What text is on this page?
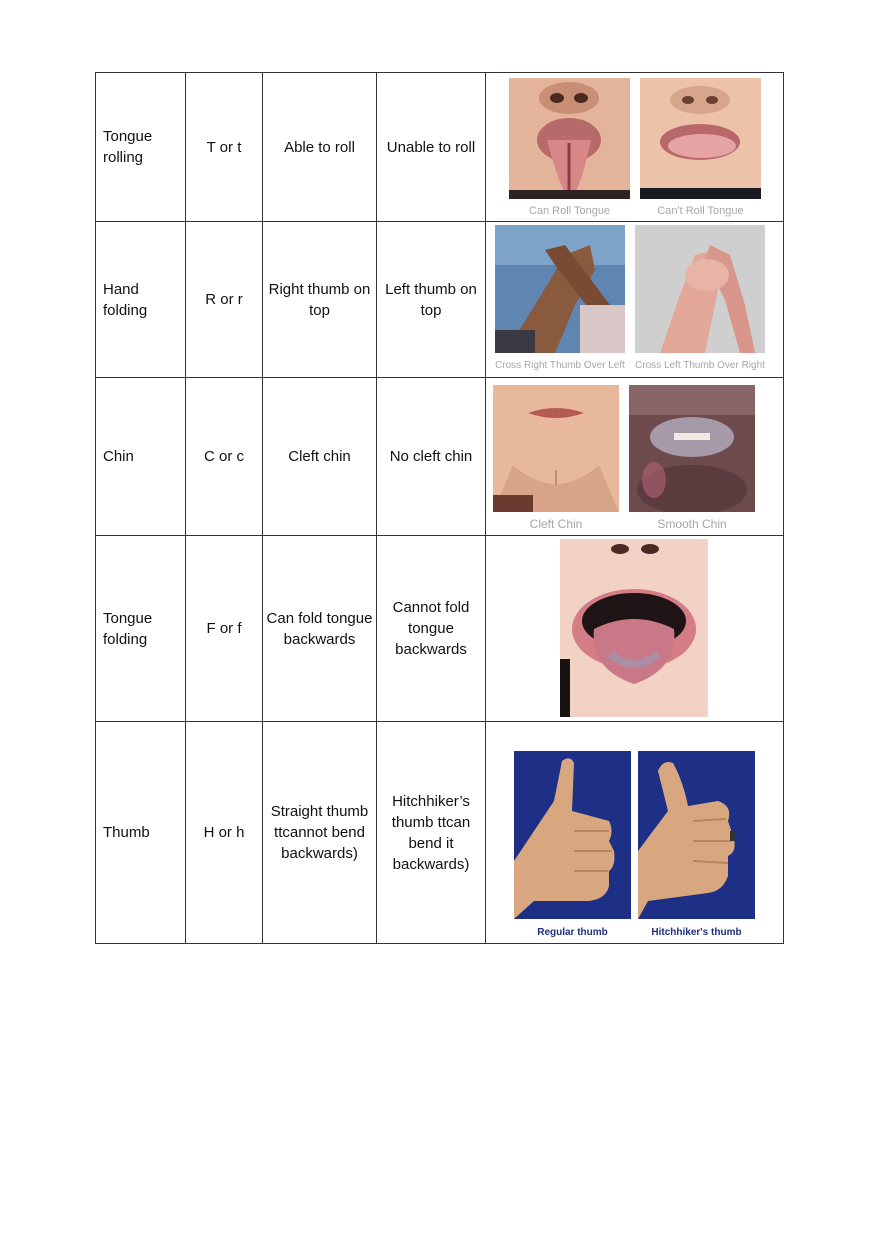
Tongue rolling	T or t	Able to roll	Unable to roll	Can Roll Tongue Can't Roll Tongue

Hand folding	R or r	Right thumb on top	Left thumb on top	Cross Right Thumb Over Left Cross Left Thumb Over Right

Chin	C or c	Cleft chin	No cleft chin	Cleft Chin Smooth Chin

Tongue folding	F or f	Can fold tongue backwards	Cannot fold tongue backwards	

Thumb	H or h	Straight thumb ttcannot bend backwards)	Hitchhiker’s thumb ttcan bend it backwards)	Regular thumb Hitchhiker's thumb
